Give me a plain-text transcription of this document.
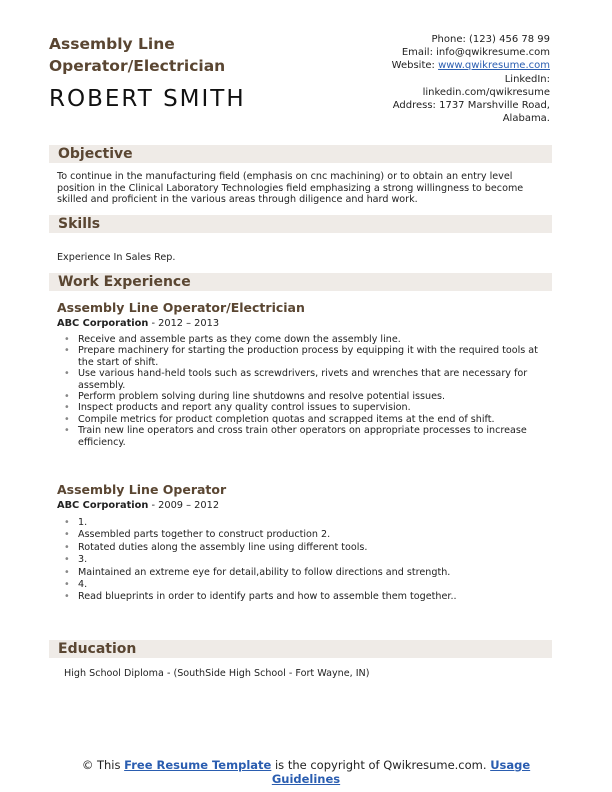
Assembly Line
Operator/Electrician
ROBERT SMITH
Phone: (123) 456 78 99
Email: info@qwikresume.com
Website: www.qwikresume.com
LinkedIn:
linkedin.com/qwikresume
Address: 1737 Marshville Road,
Alabama.
Objective
To continue in the manufacturing field (emphasis on cnc machining) or to obtain an entry level position in the Clinical Laboratory Technologies field emphasizing a strong willingness to become skilled and proficient in the various areas through diligence and hard work.
Skills
Experience In Sales Rep.
Work Experience
Assembly Line Operator/Electrician
ABC Corporation - 2012 – 2013
• Receive and assemble parts as they come down the assembly line.
• Prepare machinery for starting the production process by equipping it with the required tools at the start of shift.
• Use various hand-held tools such as screwdrivers, rivets and wrenches that are necessary for assembly.
• Perform problem solving during line shutdowns and resolve potential issues.
• Inspect products and report any quality control issues to supervision.
• Compile metrics for product completion quotas and scrapped items at the end of shift.
• Train new line operators and cross train other operators on appropriate processes to increase efficiency.
Assembly Line Operator
ABC Corporation - 2009 – 2012
• 1.
• Assembled parts together to construct production 2.
• Rotated duties along the assembly line using different tools.
• 3.
• Maintained an extreme eye for detail,ability to follow directions and strength.
• 4.
• Read blueprints in order to identify parts and how to assemble them together..
Education
High School Diploma - (SouthSide High School - Fort Wayne, IN)
© This Free Resume Template is the copyright of Qwikresume.com. Usage
Guidelines
